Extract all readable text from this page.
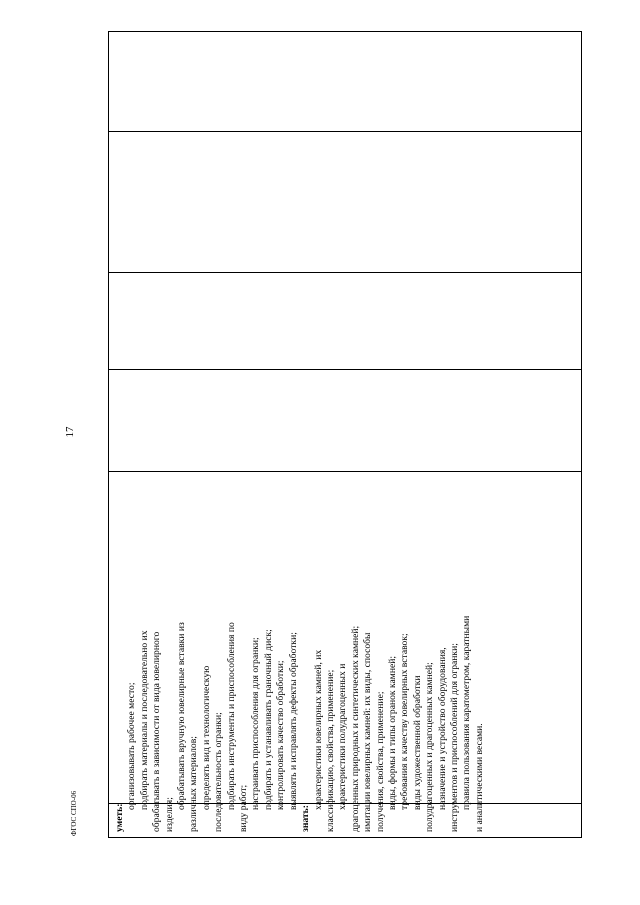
17
ФГОС СПО-06	уметь:
организовывать рабочее место; подбирать материалы и последовательно их обрабатывать в зависимости от вида ювелирного изделия;
обрабатывать вручную ювелирные вставки из различных материалов; определять вид и технологическую последовательность огранки; подбирать инструменты и приспособления по виду работ; настраивать приспособления для огранки; подбирать и устанавливать граночный диск; контролировать качество обработки; выявлять и исправлять дефекты обработки;
знать:
характеристики ювелирных камней, их классификацию, свойства, применение; характеристики полудрагоценных и драгоценных природных и синтетических камней; имитации ювелирных камней: их виды, способы получения, свойства, применение; виды, формы и типы огранок камней; требования к качеству ювелирных вставок; виды художественной обработки полудрагоценных и драгоценных камней; назначение и устройство оборудования, инструментов и приспособлений для огранки; правила пользования каратометром, каратными и аналитическими весами.
